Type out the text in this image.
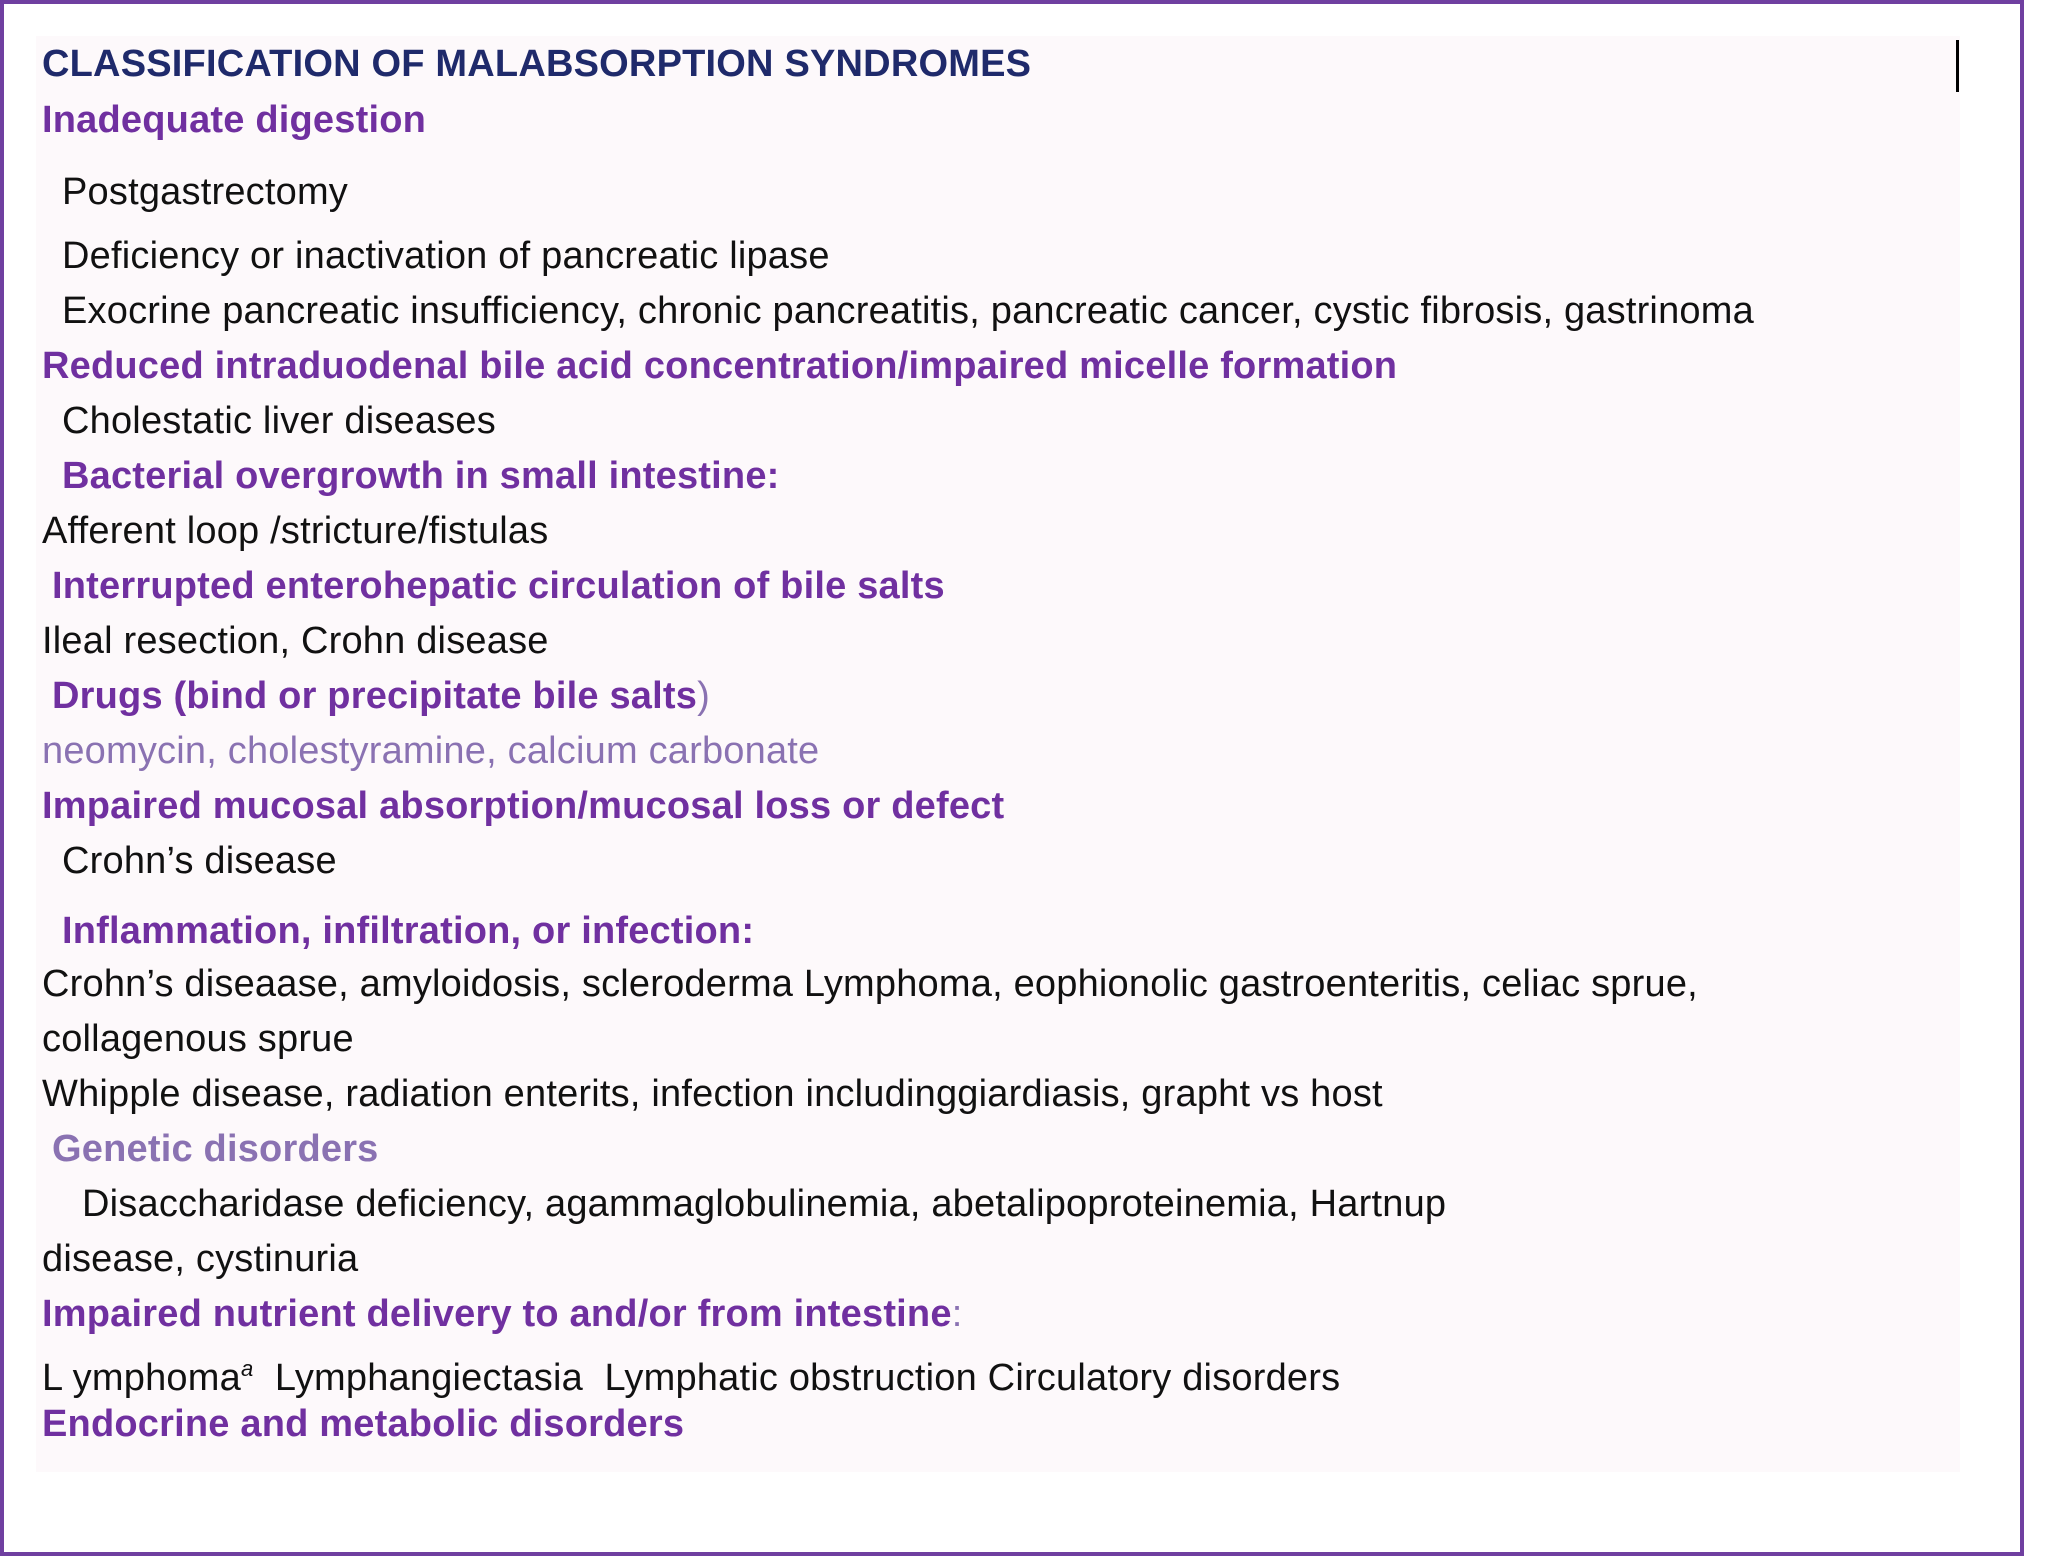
CLASSIFICATION OF MALABSORPTION SYNDROMES
Inadequate digestion
Postgastrectomy
Deficiency or inactivation of pancreatic lipase
Exocrine pancreatic insufficiency, chronic pancreatitis, pancreatic cancer, cystic fibrosis, gastrinoma
Reduced intraduodenal bile acid concentration/impaired micelle formation
Cholestatic liver diseases
Bacterial overgrowth in small intestine:
Afferent loop /stricture/fistulas
Interrupted enterohepatic circulation of bile salts
Ileal resection, Crohn disease
Drugs (bind or precipitate bile salts)
neomycin, cholestyramine, calcium carbonate
Impaired mucosal absorption/mucosal loss or defect
Crohn’s disease
Inflammation, infiltration, or infection:
Crohn’s diseaase, amyloidosis, scleroderma Lymphoma, eophionolic gastroenteritis, celiac sprue,
collagenous sprue
Whipple disease, radiation enterits, infection includinggiardiasis, grapht vs host
Genetic disorders
Disaccharidase deficiency, agammaglobulinemia, abetalipoproteinemia, Hartnup
disease, cystinuria
Impaired nutrient delivery to and/or from intestine:
L ymphoma$^a$  Lymphangiectasia  Lymphatic obstruction Circulatory disorders
Endocrine and metabolic disorders
